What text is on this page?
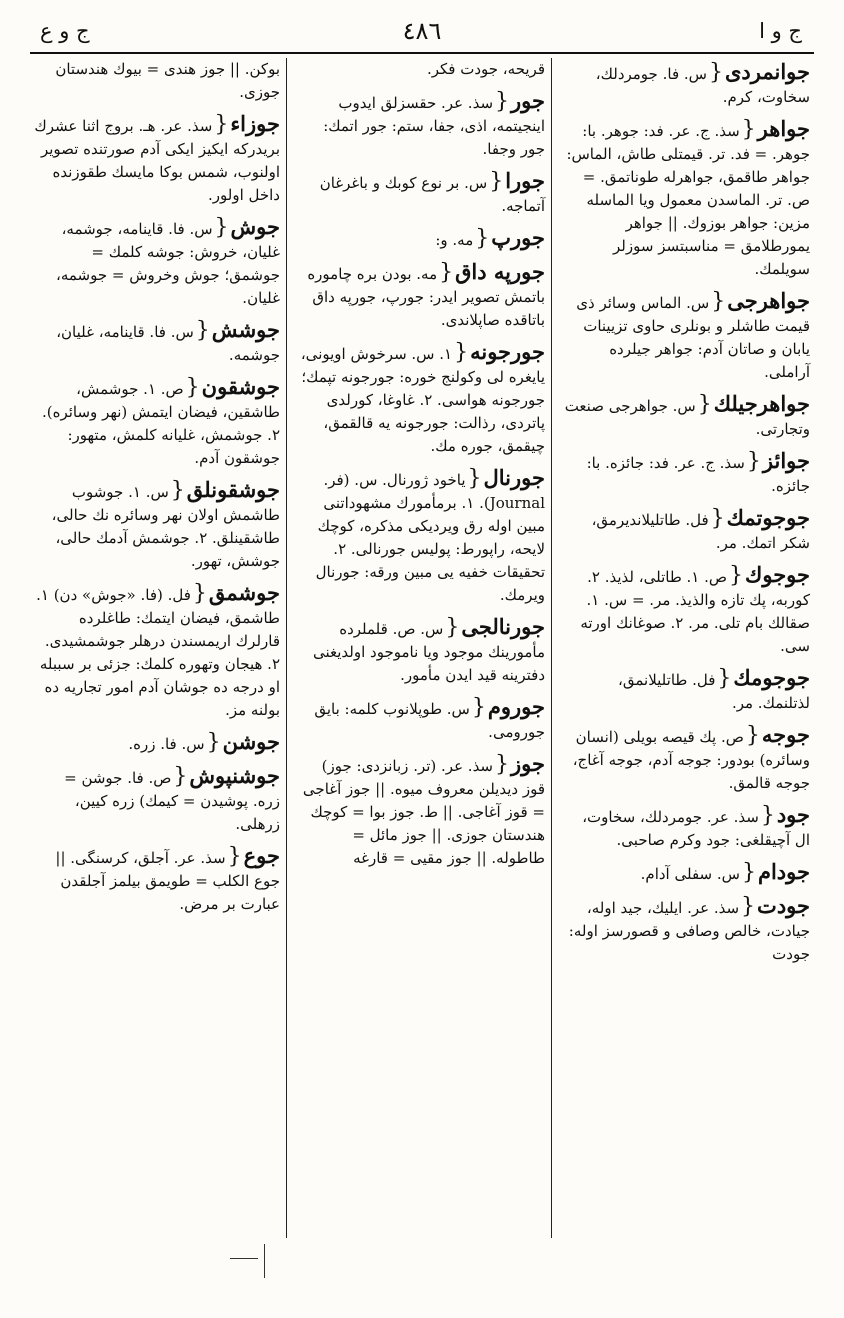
ج و ا
٤٨٦
ج و ع

جوانمردى{س. فا. جومردلك، سخاوت، كرم.

جواهر{سذ. ج. عر. فد: جوهر. با: جوهر. = فد. تر. قيمتلى طاش، الماس: جواهر طاقمق، جواهرله طوناتمق. = ص. تر. الماسدن معمول ويا الماسله مزين: جواهر بوزوك. || جواهر يمورطلامق = مناسبتسز سوزلر سويلمك.

جواهرجى{س. الماس وسائر ذى قيمت طاشلر و بونلرى حاوى تزيينات يابان و صاتان آدم: جواهر جيلرده آراملى.

جواهرجيلك{س. جواهرجى صنعت وتجارتى.

جوائز{سذ. ج. عر. فد: جائزه. با: جائزه.

جوجوتمك{فل. طاتليلانديرمق، شكر اتمك. مر.

جوجوك{ص. ١. طاتلى، لذيذ. ٢. كوربه، پك تازه والذيذ. مر. = س. ١. صقالك بام تلى. مر. ٢. صوغانك اورته سى.

جوجومك{فل. طاتليلانمق، لذتلنمك. مر.

جوجه{ص. پك قيصه بويلى (انسان وسائره) بودور: جوجه آدم، جوجه آغاج، جوجه قالمق.

جود{سذ. عر. جومردلك، سخاوت، ال آچيقلغى: جود وكرم صاحبى.

جودام{س. سفلى آدام.

جودت{سذ. عر. ايليك، جيد اوله، جيادت، خالص وصافى و قصورسز اوله: جودت

قريحه، جودت فكر.

جور{سذ. عر. حقسزلق ايدوب اينجيتمه، اذى، جفا، ستم: جور اتمك: جور وجفا.

جورا{س. بر نوع كوبك و باغرغان آتماجه.

جورپ{مه. و:

جورپه داق{مه. بودن بره چاموره باتمش تصوير ايدر: جورپ، جورپه داق باتاقده صاپلاندى.

جورجونه{١. س. سرخوش اويونى، يايغره لى وكولنج خوره: جورجونه تپمك؛ جورجونه هواسى. ٢. غاوغا، كورلدى پاتردى، رذالت: جورجونه يه قالقمق، چيقمق، جوره مك.

جورنال{ياخود ژورنال. س. (فر. Journal). ١. برمأمورك مشهوداتنى مبين اوله رق ويرديكى مذكره، كوچك لايحه، راپورط: پوليس جورنالى. ٢. تحقيقات خفيه يى مبين ورقه: جورنال ويرمك.

جورنالجى{س. ص. قلملرده مأمورينك موجود ويا ناموجود اولديغنى دفترينه قيد ايدن مأمور.

جوروم{س. طوپلانوب كلمه: بايق جورومى.

جوز{سذ. عر. (تر. زبانزدى: جوز) قوز ديديلن معروف ميوه. || جوز آغاجى = قوز آغاجى. || ط. جوز بوا = كوچك هندستان جوزى. || جوز مائل = طاطوله. || جوز مقيى = قارغه

بوكن. || جوز هندى = بيوك هندستان جوزى.

جوزاء{سذ. عر. هـ. بروج اثنا عشرك بريدركه ايكيز ايكى آدم صورتنده تصوير اولنوب، شمس بوكا مايسك طقوزنده داخل اولور.

جوش{س. فا. قاينامه، جوشمه، غليان، خروش: جوشه كلمك = جوشمق؛ جوش وخروش = جوشمه، غليان.

جوشش{س. فا. قاينامه، غليان، جوشمه.

جوشقون{ص. ١. جوشمش، طاشقين، فيضان ايتمش (نهر وسائره). ٢. جوشمش، غليانه كلمش، متهور: جوشقون آدم.

جوشقونلق{س. ١. جوشوب طاشمش اولان نهر وسائره نك حالى، طاشقينلق. ٢. جوشمش آدمك حالى، جوشش، تهور.

جوشمق{فل. (فا. «جوش» دن) ١. طاشمق، فيضان ايتمك: طاغلرده قارلرك اريمسندن درهلر جوشمشيدى. ٢. هيجان وتهوره كلمك: جزئى بر سببله او درجه ده جوشان آدم امور تجاريه ده بولنه مز.

جوشن{س. فا. زره.

جوشنپوش{ص. فا. جوشن = زره. پوشيدن = كيمك) زره كيين، زرهلى.

جوع{سذ. عر. آجلق، كرسنگى. || جوع الكلب = طويمق بيلمز آجلقدن عبارت بر مرض.
